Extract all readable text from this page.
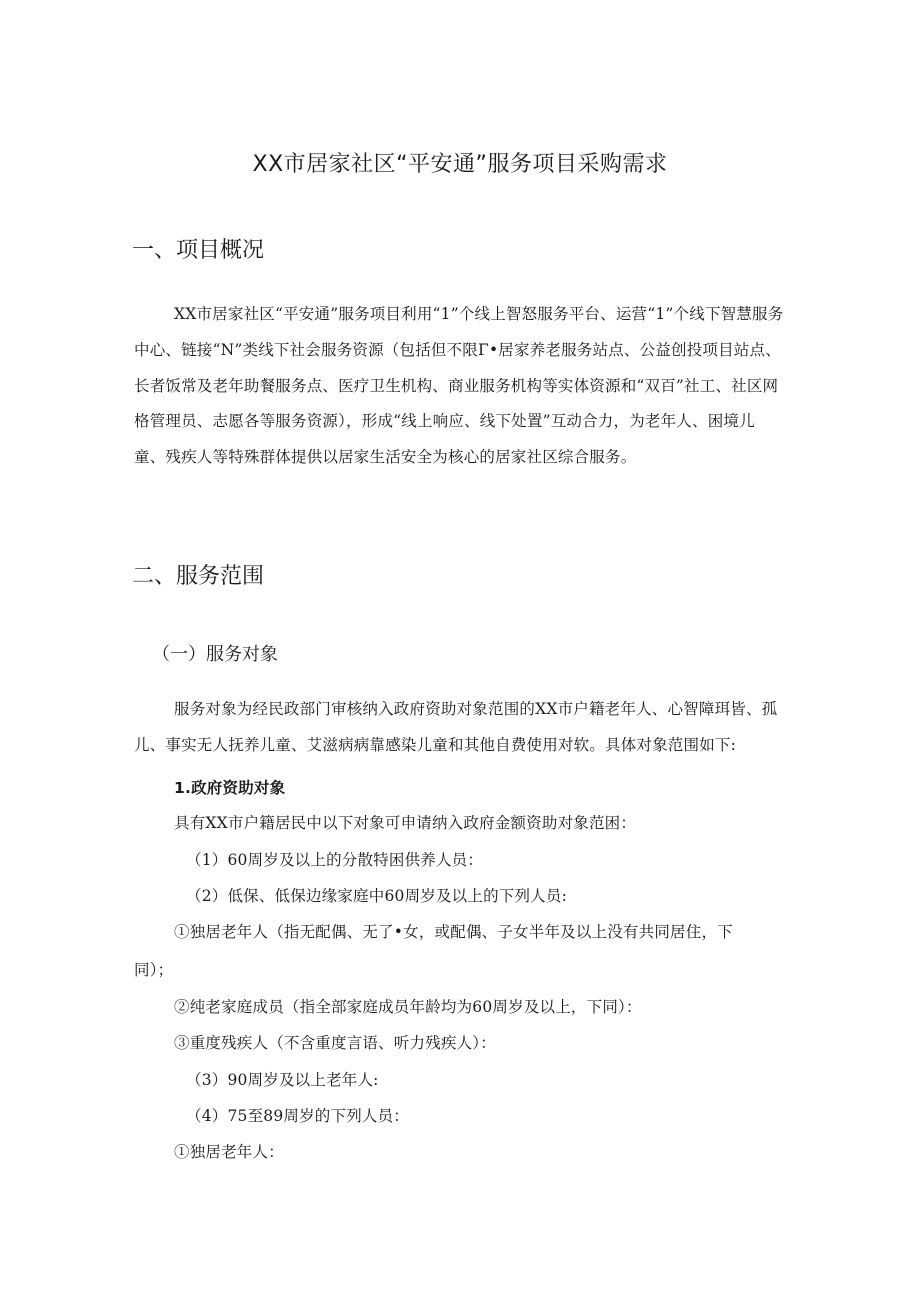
XX市居家社区“平安通”服务项目采购需求
一、项目概况

XX市居家社区“平安通”服务项目利用“1”个线上智怒服务平台、运营“1”个线下智慧服务中心、链接“N”类线下社会服务资源（包括但不限Γ•居家养老服务站点、公益创投项目站点、长者饭常及老年助餐服务点、医疗卫生机构、商业服务机构等实体资源和“双百”社工、社区网格管理员、志愿各等服务资源），形成“线上响应、线下处置”互动合力，为老年人、困境儿童、残疾人等特殊群体提供以居家生活安全为核心的居家社区综合服务。

二、服务范围
（一）服务对象

服务对象为经民政部门审核纳入政府资助对象范围的XX市户籍老年人、心智障珥皆、孤儿、事实无人抚养儿童、艾滋病病靠感染儿童和其他自费使用对软。具体对象范围如下:

1.政府资助对象
具有XX市户籍居民中以下对象可申请纳入政府金额资助对象范困：
（1）60周岁及以上的分散特困供养人员：
（2）低保、低保边缘家庭中60周岁及以上的下列人员:
①独居老年人（指无配偶、无了•女，或配偶、子女半年及以上没有共同居住，下
同）；
②纯老家庭成员（指全部家庭成员年龄均为60周岁及以上，下同）：
③重度残疾人（不含重度言语、听力残疾人）：
（3）90周岁及以上老年人:
（4）75至89周岁的下列人员：
①独居老年人：
